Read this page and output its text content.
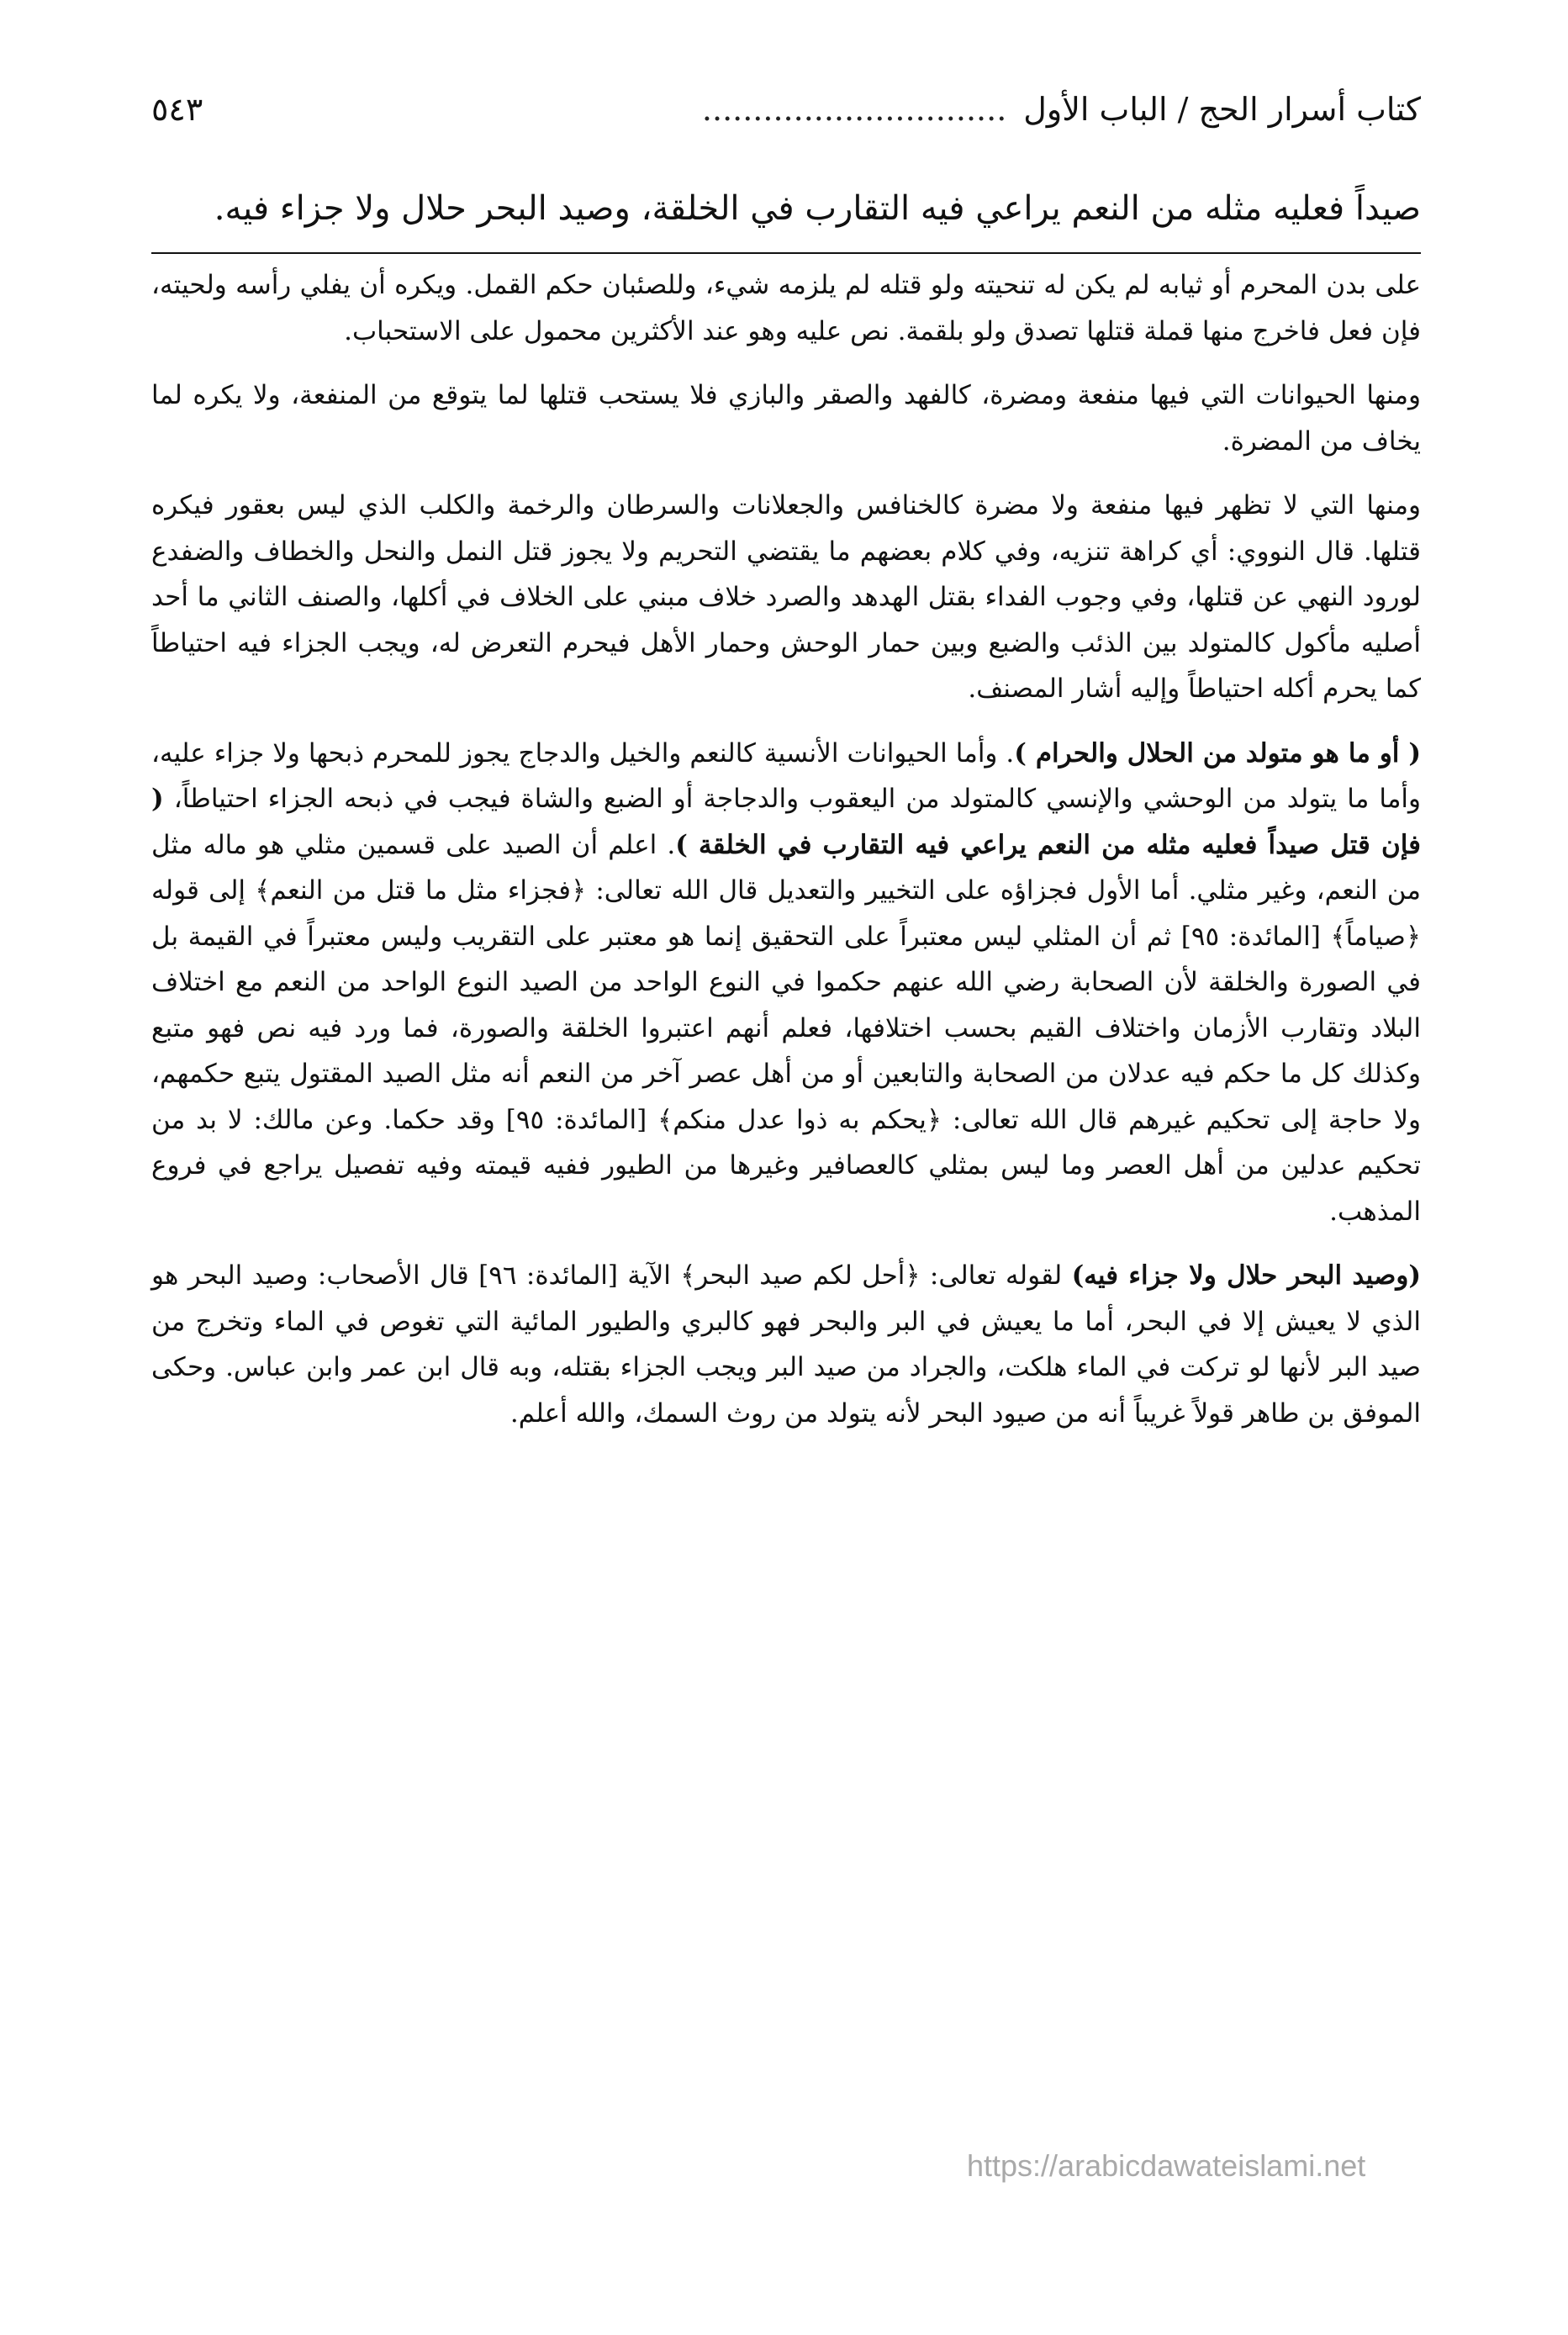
كتاب أسرار الحج / الباب الأول
..............................
٥٤٣
صيداً فعليه مثله من النعم يراعي فيه التقارب في الخلقة، وصيد البحر حلال ولا جزاء فيه.

على بدن المحرم أو ثيابه لم يكن له تنحيته ولو قتله لم يلزمه شيء، وللصئبان حكم القمل. ويكره أن يفلي رأسه ولحيته، فإن فعل فاخرج منها قملة قتلها تصدق ولو بلقمة. نص عليه وهو عند الأكثرين محمول على الاستحباب.

ومنها الحيوانات التي فيها منفعة ومضرة، كالفهد والصقر والبازي فلا يستحب قتلها لما يتوقع من المنفعة، ولا يكره لما يخاف من المضرة.

ومنها التي لا تظهر فيها منفعة ولا مضرة كالخنافس والجعلانات والسرطان والرخمة والكلب الذي ليس بعقور فيكره قتلها. قال النووي: أي كراهة تنزيه، وفي كلام بعضهم ما يقتضي التحريم ولا يجوز قتل النمل والنحل والخطاف والضفدع لورود النهي عن قتلها، وفي وجوب الفداء بقتل الهدهد والصرد خلاف مبني على الخلاف في أكلها، والصنف الثاني ما أحد أصليه مأكول كالمتولد بين الذئب والضبع وبين حمار الوحش وحمار الأهل فيحرم التعرض له، ويجب الجزاء فيه احتياطاً كما يحرم أكله احتياطاً وإليه أشار المصنف.

( أو ما هو متولد من الحلال والحرام ). وأما الحيوانات الأنسية كالنعم والخيل والدجاج يجوز للمحرم ذبحها ولا جزاء عليه، وأما ما يتولد من الوحشي والإنسي كالمتولد من اليعقوب والدجاجة أو الضبع والشاة فيجب في ذبحه الجزاء احتياطاً، ( فإن قتل صيداً فعليه مثله من النعم يراعي فيه التقارب في الخلقة ). اعلم أن الصيد على قسمين مثلي هو ماله مثل من النعم، وغير مثلي. أما الأول فجزاؤه على التخيير والتعديل قال الله تعالى: ﴿فجزاء مثل ما قتل من النعم﴾ إلى قوله ﴿صياماً﴾ [المائدة: ٩٥] ثم أن المثلي ليس معتبراً على التحقيق إنما هو معتبر على التقريب وليس معتبراً في القيمة بل في الصورة والخلقة لأن الصحابة رضي الله عنهم حكموا في النوع الواحد من الصيد النوع الواحد من النعم مع اختلاف البلاد وتقارب الأزمان واختلاف القيم بحسب اختلافها، فعلم أنهم اعتبروا الخلقة والصورة، فما ورد فيه نص فهو متبع وكذلك كل ما حكم فيه عدلان من الصحابة والتابعين أو من أهل عصر آخر من النعم أنه مثل الصيد المقتول يتبع حكمهم، ولا حاجة إلى تحكيم غيرهم قال الله تعالى: ﴿يحكم به ذوا عدل منكم﴾ [المائدة: ٩٥] وقد حكما. وعن مالك: لا بد من تحكيم عدلين من أهل العصر وما ليس بمثلي كالعصافير وغيرها من الطيور ففيه قيمته وفيه تفصيل يراجع في فروع المذهب.

(وصيد البحر حلال ولا جزاء فيه) لقوله تعالى: ﴿أحل لكم صيد البحر﴾ الآية [المائدة: ٩٦] قال الأصحاب: وصيد البحر هو الذي لا يعيش إلا في البحر، أما ما يعيش في البر والبحر فهو كالبري والطيور المائية التي تغوص في الماء وتخرج من صيد البر لأنها لو تركت في الماء هلكت، والجراد من صيد البر ويجب الجزاء بقتله، وبه قال ابن عمر وابن عباس. وحكى الموفق بن طاهر قولاً غريباً أنه من صيود البحر لأنه يتولد من روث السمك، والله أعلم.

https://arabicdawateislami.net
